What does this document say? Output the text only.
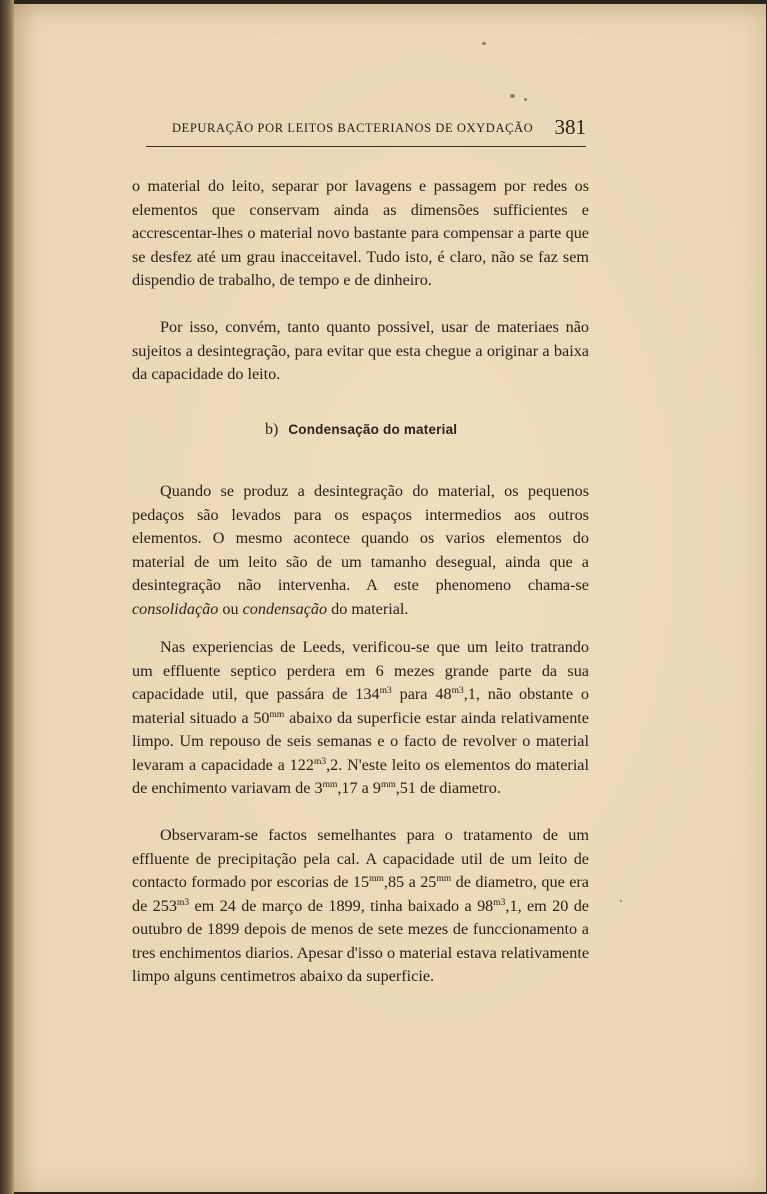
DEPURAÇÃO POR LEITOS BACTERIANOS DE OXYDAÇÃO 381

o material do leito, separar por lavagens e passagem por redes os elementos que conservam ainda as dimensões sufficientes e accrescentar-lhes o material novo bastante para compensar a parte que se desfez até um grau inacceitavel. Tudo isto, é claro, não se faz sem dispendio de trabalho, de tempo e de dinheiro.

Por isso, convém, tanto quanto possivel, usar de materiaes não sujeitos a desintegração, para evitar que esta chegue a originar a baixa da capacidade do leito.

b) Condensação do material

Quando se produz a desintegração do material, os pequenos pedaços são levados para os espaços intermedios aos outros elementos. O mesmo acontece quando os varios elementos do material de um leito são de um tamanho desegual, ainda que a desintegração não intervenha. A este phenomeno chama-se consolidação ou condensação do material.

Nas experiencias de Leeds, verificou-se que um leito tratrando um effluente septico perdera em 6 mezes grande parte da sua capacidade util, que passára de $134^{m3}$ para $48^{m3},1$, não obstante o material situado a $50^{mm}$ abaixo da superficie estar ainda relativamente limpo. Um repouso de seis semanas e o facto de revolver o material levaram a capacidade a $122^{m3},2$. N'este leito os elementos do material de enchimento variavam de $3^{mm},17$ a $9^{mm},51$ de diametro.

Observaram-se factos semelhantes para o tratamento de um effluente de precipitação pela cal. A capacidade util de um leito de contacto formado por escorias de $15^{mm},85$ a $25^{mm}$ de diametro, que era de $253^{m3}$ em 24 de março de 1899, tinha baixado a $98^{m3},1$, em 20 de outubro de 1899 depois de menos de sete mezes de funccionamento a tres enchimentos diarios. Apesar d'isso o material estava relativamente limpo alguns centimetros abaixo da superficie.
